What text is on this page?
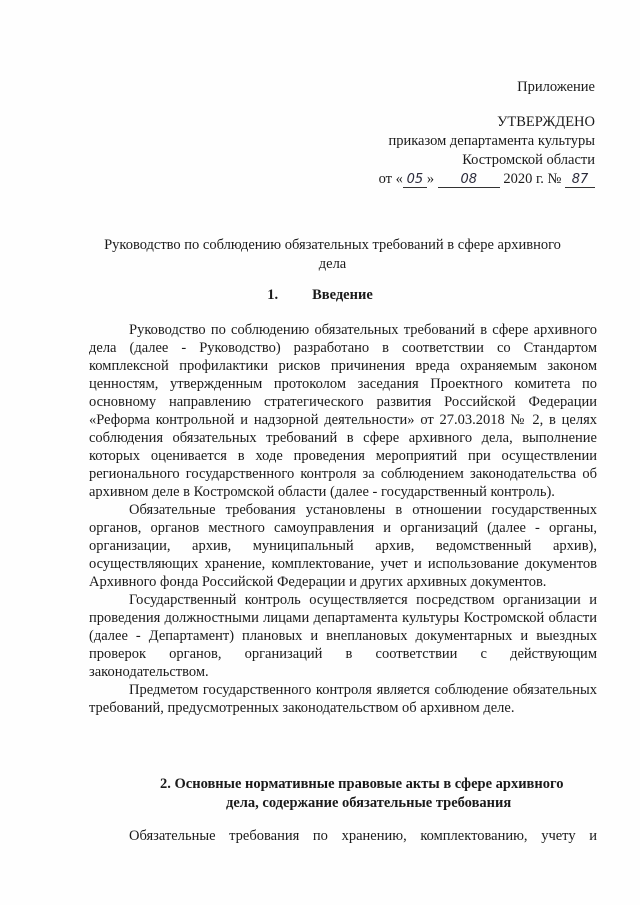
Приложение
УТВЕРЖДЕНО
приказом департамента культуры
Костромской области
от « 05 » 08 2020 г. № 87
Руководство по соблюдению обязательных требований в сфере архивного
дела
1. Введение

Руководство по соблюдению обязательных требований в сфере архивного дела (далее - Руководство) разработано в соответствии со Стандартом комплексной профилактики рисков причинения вреда охраняемым законом ценностям, утвержденным протоколом заседания Проектного комитета по основному направлению стратегического развития Российской Федерации «Реформа контрольной и надзорной деятельности» от 27.03.2018 № 2, в целях соблюдения обязательных требований в сфере архивного дела, выполнение которых оценивается в ходе проведения мероприятий при осуществлении регионального государственного контроля за соблюдением законодательства об архивном деле в Костромской области (далее - государственный контроль).

Обязательные требования установлены в отношении государственных органов, органов местного самоуправления и организаций (далее - органы, организации, архив, муниципальный архив, ведомственный архив), осуществляющих хранение, комплектование, учет и использование документов Архивного фонда Российской Федерации и других архивных документов.

Государственный контроль осуществляется посредством организации и проведения должностными лицами департамента культуры Костромской области (далее - Департамент) плановых и внеплановых документарных и выездных проверок органов, организаций в соответствии с действующим законодательством.

Предметом государственного контроля является соблюдение обязательных требований, предусмотренных законодательством об архивном деле.

2. Основные нормативные правовые акты в сфере архивного
дела, содержание обязательные требования
Обязательные требования по хранению, комплектованию, учету и
